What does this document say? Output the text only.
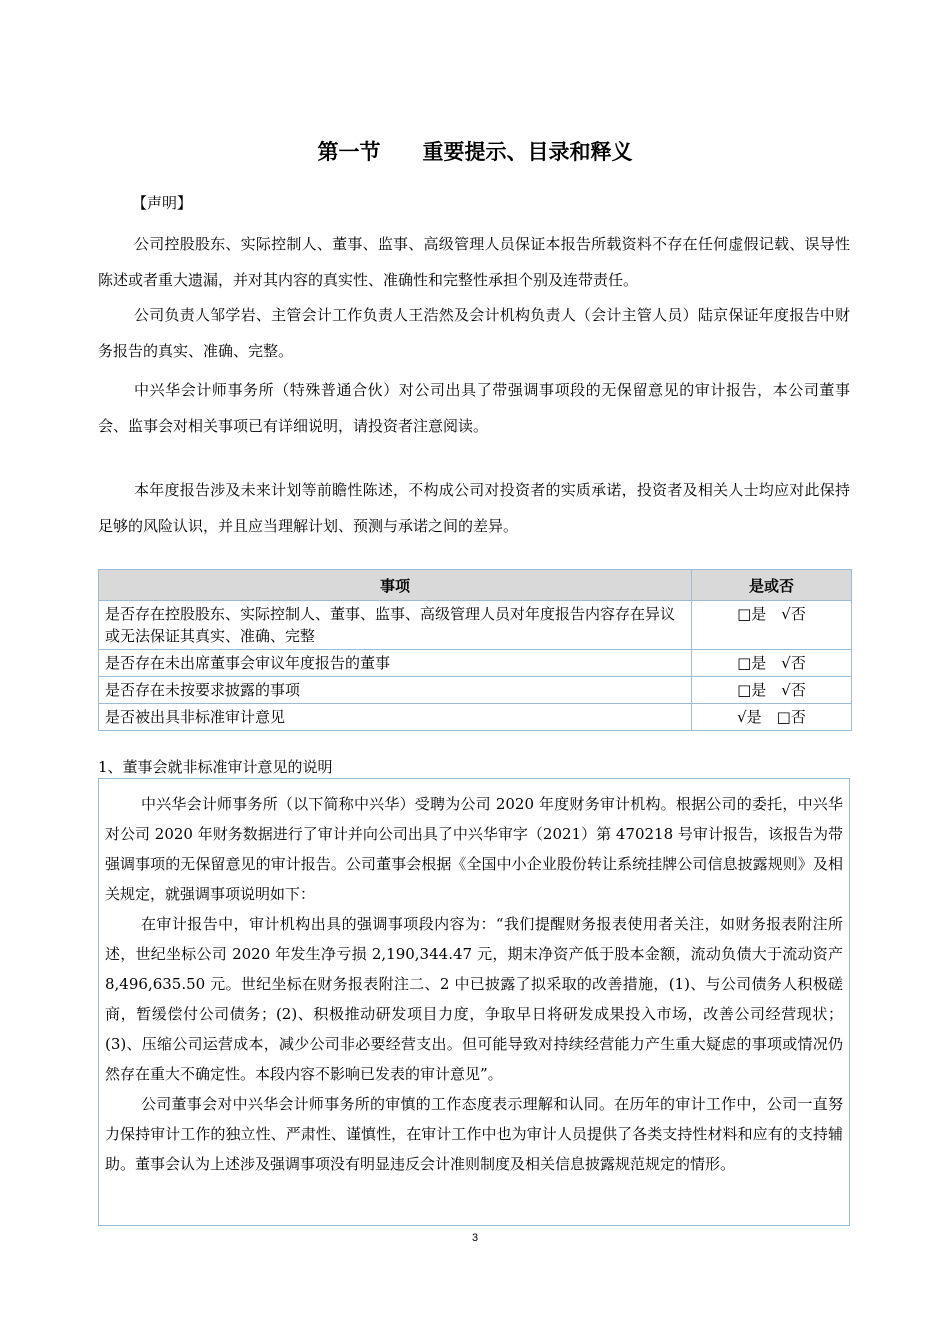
第一节　　重要提示、目录和释义
【声明】

公司控股股东、实际控制人、董事、监事、高级管理人员保证本报告所载资料不存在任何虚假记载、误导性陈述或者重大遗漏，并对其内容的真实性、准确性和完整性承担个别及连带责任。

公司负责人邹学岩、主管会计工作负责人王浩然及会计机构负责人（会计主管人员）陆京保证年度报告中财务报告的真实、准确、完整。

中兴华会计师事务所（特殊普通合伙）对公司出具了带强调事项段的无保留意见的审计报告，本公司董事会、监事会对相关事项已有详细说明，请投资者注意阅读。

本年度报告涉及未来计划等前瞻性陈述，不构成公司对投资者的实质承诺，投资者及相关人士均应对此保持足够的风险认识，并且应当理解计划、预测与承诺之间的差异。

事项	是或否
是否存在控股股东、实际控制人、董事、监事、高级管理人员对年度报告内容存在异议或无法保证其真实、准确、完整	□是　√否
是否存在未出席董事会审议年度报告的董事	□是　√否
是否存在未按要求披露的事项	□是　√否
是否被出具非标准审计意见	√是　□否
1、董事会就非标准审计意见的说明

中兴华会计师事务所（以下简称中兴华）受聘为公司 2020 年度财务审计机构。根据公司的委托，中兴华对公司 2020 年财务数据进行了审计并向公司出具了中兴华审字（2021）第 470218 号审计报告，该报告为带强调事项的无保留意见的审计报告。公司董事会根据《全国中小企业股份转让系统挂牌公司信息披露规则》及相关规定，就强调事项说明如下：

在审计报告中，审计机构出具的强调事项段内容为：“我们提醒财务报表使用者关注，如财务报表附注所述，世纪坐标公司 2020 年发生净亏损 2,190,344.47 元，期末净资产低于股本金额，流动负债大于流动资产 8,496,635.50 元。世纪坐标在财务报表附注二、2 中已披露了拟采取的改善措施，(1)、与公司债务人积极磋商，暂缓偿付公司债务；(2)、积极推动研发项目力度，争取早日将研发成果投入市场，改善公司经营现状；(3)、压缩公司运营成本，减少公司非必要经营支出。但可能导致对持续经营能力产生重大疑虑的事项或情况仍然存在重大不确定性。本段内容不影响已发表的审计意见”。

公司董事会对中兴华会计师事务所的审慎的工作态度表示理解和认同。在历年的审计工作中，公司一直努力保持审计工作的独立性、严肃性、谨慎性，在审计工作中也为审计人员提供了各类支持性材料和应有的支持辅助。董事会认为上述涉及强调事项没有明显违反会计准则制度及相关信息披露规范规定的情形。

3
